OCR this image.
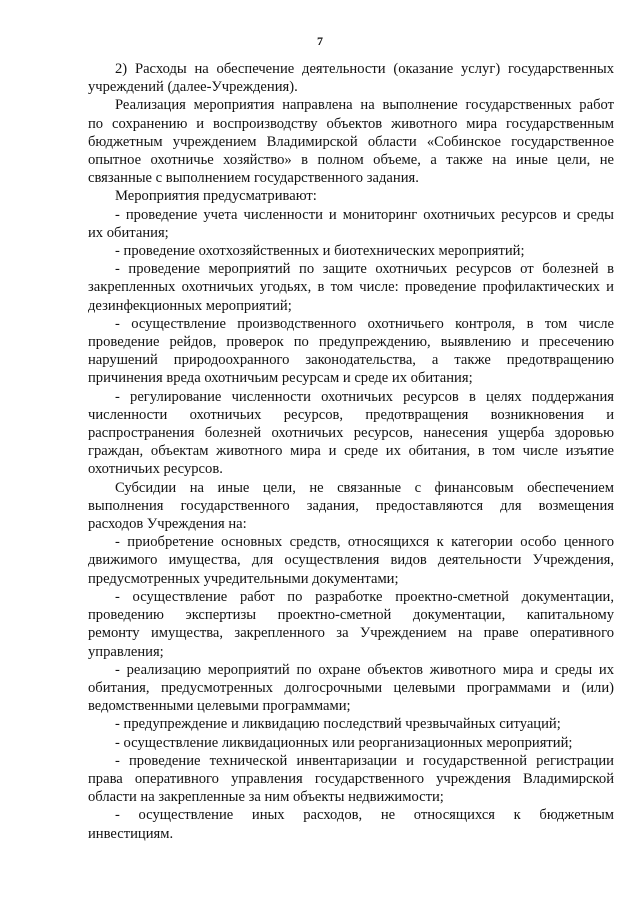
7
2) Расходы на обеспечение деятельности (оказание услуг) государственных
учреждений (далее-Учреждения).
Реализация мероприятия направлена на выполнение государственных работ
по сохранению и воспроизводству объектов животного мира государственным
бюджетным учреждением Владимирской области «Собинское государственное
опытное охотничье хозяйство» в полном объеме, а также на иные цели, не
связанные с выполнением государственного задания.
Мероприятия предусматривают:
- проведение учета численности и мониторинг охотничьих ресурсов и среды
их обитания;
- проведение охотхозяйственных и биотехнических мероприятий;
- проведение мероприятий по защите охотничьих ресурсов от болезней в
закрепленных охотничьих угодьях, в том числе: проведение профилактических и
дезинфекционных мероприятий;
- осуществление производственного охотничьего контроля, в том числе
проведение рейдов, проверок по предупреждению, выявлению и пресечению
нарушений природоохранного законодательства, а также предотвращению
причинения вреда охотничьим ресурсам и среде их обитания;
- регулирование численности охотничьих ресурсов в целях поддержания
численности охотничьих ресурсов, предотвращения возникновения и
распространения болезней охотничьих ресурсов, нанесения ущерба здоровью
граждан, объектам животного мира и среде их обитания, в том числе изъятие
охотничьих ресурсов.
Субсидии на иные цели, не связанные с финансовым обеспечением
выполнения государственного задания, предоставляются для возмещения
расходов Учреждения на:
- приобретение основных средств, относящихся к категории особо ценного
движимого имущества, для осуществления видов деятельности Учреждения,
предусмотренных учредительными документами;
- осуществление работ по разработке проектно-сметной документации,
проведению экспертизы проектно-сметной документации, капитальному
ремонту имущества, закрепленного за Учреждением на праве оперативного
управления;
- реализацию мероприятий по охране объектов животного мира и среды их
обитания, предусмотренных долгосрочными целевыми программами и (или)
ведомственными целевыми программами;
- предупреждение и ликвидацию последствий чрезвычайных ситуаций;
- осуществление ликвидационных или реорганизационных мероприятий;
- проведение технической инвентаризации и государственной регистрации
права оперативного управления государственного учреждения Владимирской
области на закрепленные за ним объекты недвижимости;
- осуществление иных расходов, не относящихся к бюджетным
инвестициям.
